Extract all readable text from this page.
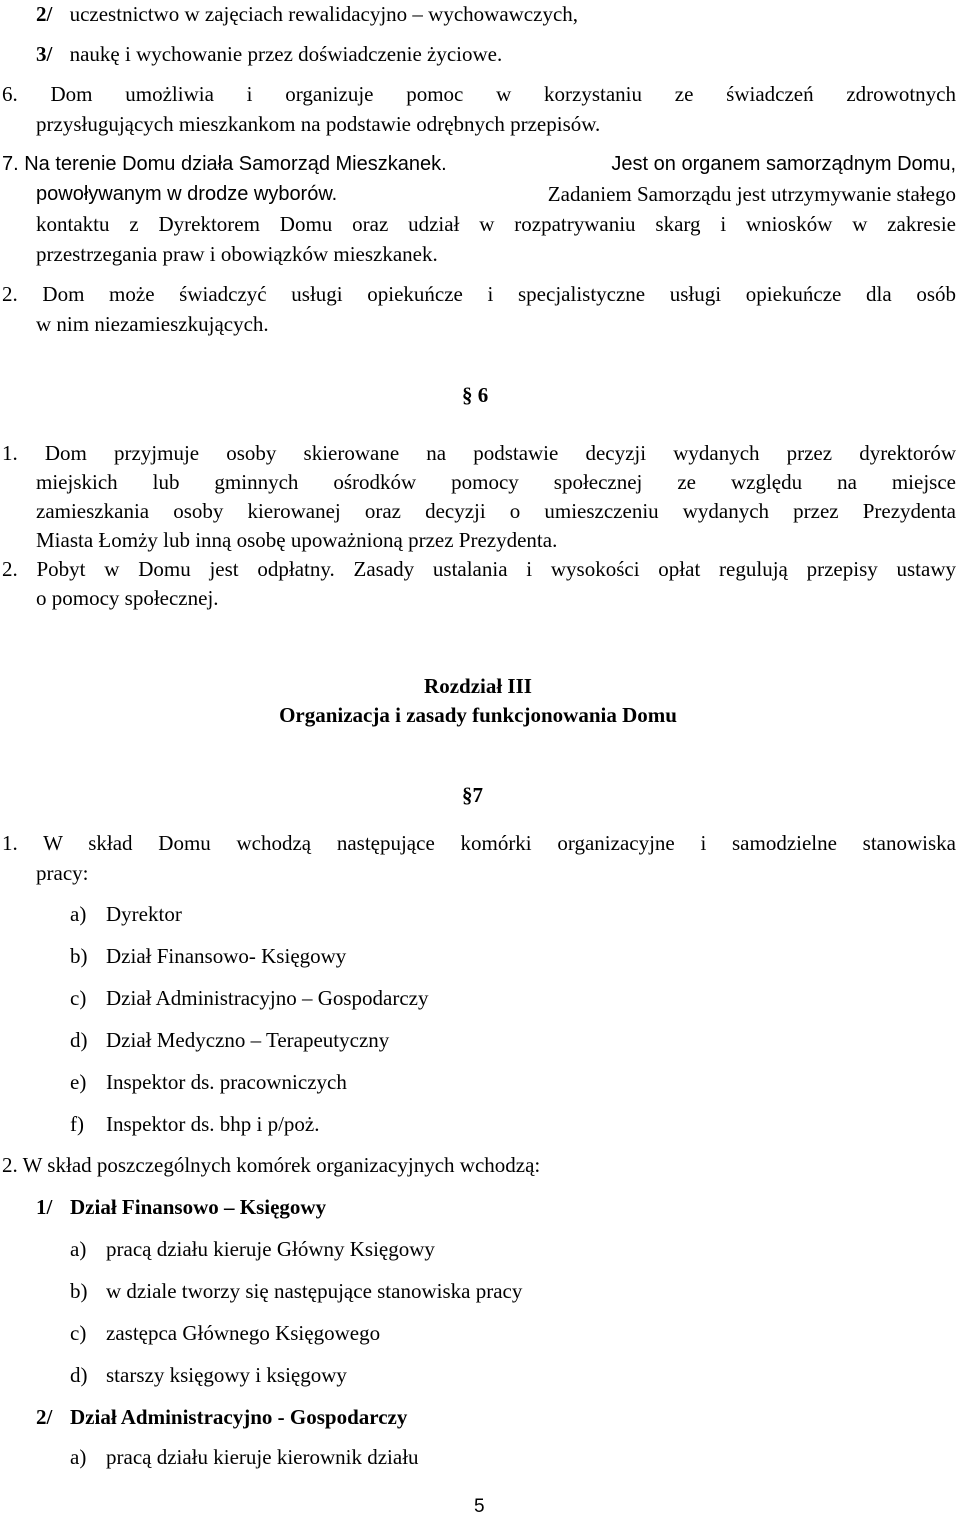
2/ uczestnictwo w zajęciach rewalidacyjno – wychowawczych,
3/ naukę i wychowanie przez doświadczenie życiowe.
6. Dom umożliwia i organizuje pomoc w korzystaniu ze świadczeń zdrowotnych
przysługujących mieszkankom na podstawie odrębnych przepisów.
7. Na terenie Domu działa Samorząd Mieszkanek.	Jest on organem samorządnym Domu,
powoływanym w drodze wyborów.	Zadaniem Samorządu jest utrzymywanie stałego
kontaktu z Dyrektorem Domu oraz udział w rozpatrywaniu skarg i wniosków w zakresie
przestrzegania praw i obowiązków mieszkanek.
2. Dom może świadczyć usługi opiekuńcze i specjalistyczne usługi opiekuńcze dla osób
w nim niezamieszkujących.
§ 6
1. Dom przyjmuje osoby skierowane na podstawie decyzji wydanych przez dyrektorów
miejskich lub gminnych ośrodków pomocy społecznej ze względu na miejsce
zamieszkania osoby kierowanej oraz decyzji o umieszczeniu wydanych przez Prezydenta
Miasta Łomży lub inną osobę upoważnioną przez Prezydenta.
2. Pobyt w Domu jest odpłatny. Zasady ustalania i wysokości opłat regulują przepisy ustawy
o pomocy społecznej.
Rozdział III
Organizacja i zasady funkcjonowania Domu
§7
1. W skład Domu wchodzą następujące komórki organizacyjne i samodzielne stanowiska
pracy:
a) Dyrektor
b) Dział Finansowo- Księgowy
c) Dział Administracyjno – Gospodarczy
d) Dział Medyczno – Terapeutyczny
e) Inspektor ds. pracowniczych
f) Inspektor ds. bhp i p/poż.
2. W skład poszczególnych komórek organizacyjnych wchodzą:
1/ Dział Finansowo – Księgowy
a) pracą działu kieruje Główny Księgowy
b) w dziale tworzy się następujące stanowiska pracy
c) zastępca Głównego Księgowego
d) starszy księgowy i księgowy
2/ Dział Administracyjno - Gospodarczy
a) pracą działu kieruje kierownik działu
5
